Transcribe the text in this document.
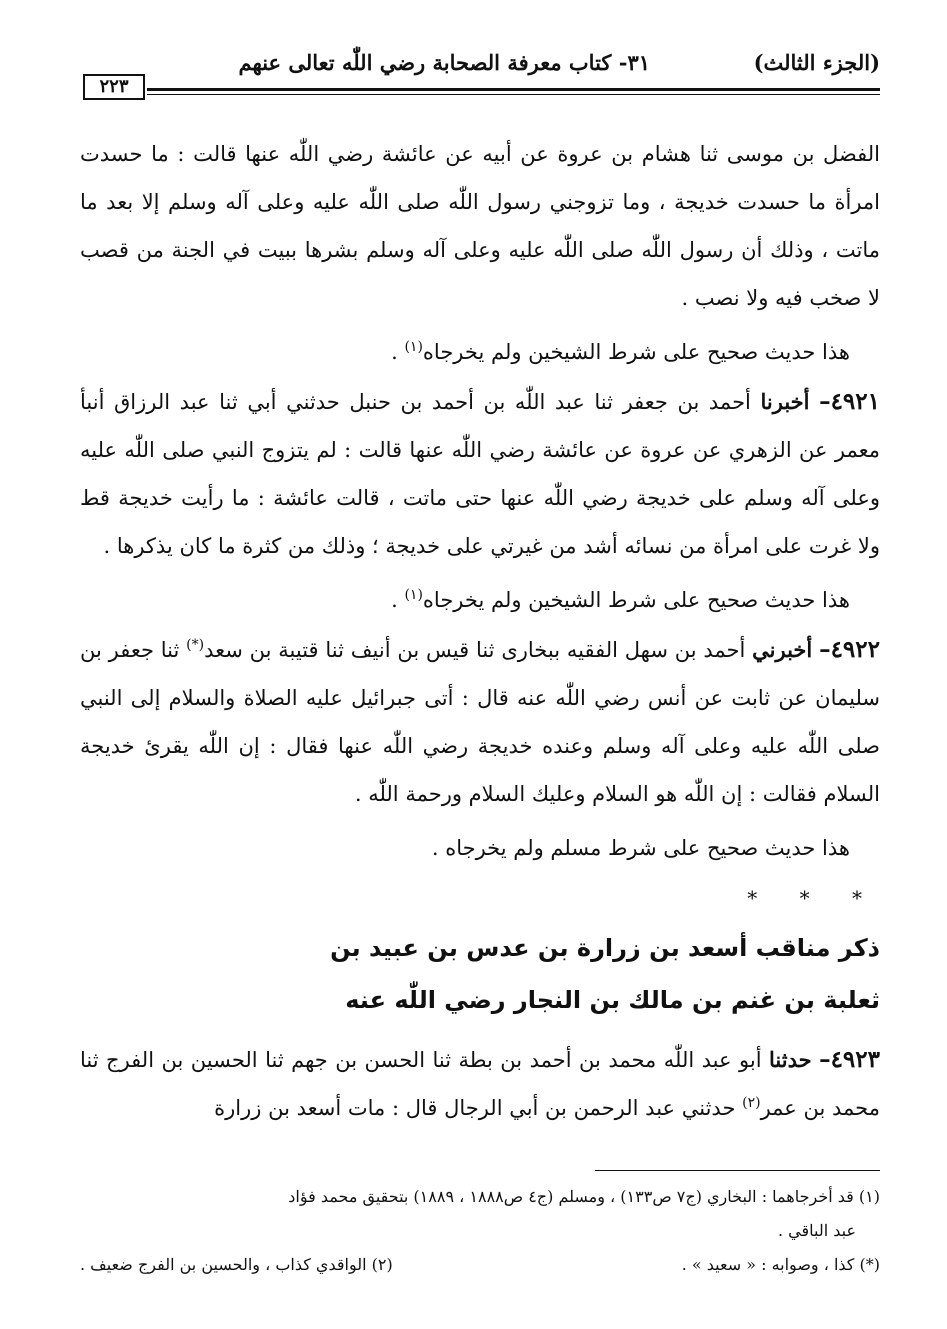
(الجزء الثالث)
٣١- كتاب معرفة الصحابة رضي اللّٰه تعالى عنهم
٢٢٣

الفضل بن موسى ثنا هشام بن عروة عن أبيه عن عائشة رضي اللّٰه عنها قالت : ما حسدت امرأة ما حسدت خديجة ، وما تزوجني رسول اللّٰه صلى اللّٰه عليه وعلى آله وسلم إلا بعد ما ماتت ، وذلك أن رسول اللّٰه صلى اللّٰه عليه وعلى آله وسلم بشرها ببيت في الجنة من قصب لا صخب فيه ولا نصب .

هذا حديث صحيح على شرط الشيخين ولم يخرجاه$^{(١)}$ .

٤٩٢١– أخبرنا أحمد بن جعفر ثنا عبد اللّٰه بن أحمد بن حنبل حدثني أبي ثنا عبد الرزاق أنبأ معمر عن الزهري عن عروة عن عائشة رضي اللّٰه عنها قالت : لم يتزوج النبي صلى اللّٰه عليه وعلى آله وسلم على خديجة رضي اللّٰه عنها حتى ماتت ، قالت عائشة : ما رأيت خديجة قط ولا غرت على امرأة من نسائه أشد من غيرتي على خديجة ؛ وذلك من كثرة ما كان يذكرها .

هذا حديث صحيح على شرط الشيخين ولم يخرجاه$^{(١)}$ .

٤٩٢٢– أخبرني أحمد بن سهل الفقيه ببخارى ثنا قيس بن أنيف ثنا قتيبة بن سعد(*) ثنا جعفر بن سليمان عن ثابت عن أنس رضي اللّٰه عنه قال : أتى جبرائيل عليه الصلاة والسلام إلى النبي صلى اللّٰه عليه وعلى آله وسلم وعنده خديجة رضي اللّٰه عنها فقال : إن اللّٰه يقرئ خديجة السلام فقالت : إن اللّٰه هو السلام وعليك السلام ورحمة اللّٰه .

هذا حديث صحيح على شرط مسلم ولم يخرجاه .

* * *
ذكر مناقب أسعد بن زرارة بن عدس بن عبيد بن
ثعلبة بن غنم بن مالك بن النجار رضي اللّٰه عنه

٤٩٢٣– حدثنا أبو عبد اللّٰه محمد بن أحمد بن بطة ثنا الحسن بن جهم ثنا الحسين بن الفرج ثنا محمد بن عمر$^{(٢)}$ حدثني عبد الرحمن بن أبي الرجال قال : مات أسعد بن زرارة

(١) قد أخرجاهما : البخاري (ج٧ ص١٣٣) ، ومسلم (ج٤ ص١٨٨٨ ، ١٨٨٩) بتحقيق محمد فؤاد

عبد الباقي .

(*) كذا ، وصوابه : « سعيد » .
(٢) الواقدي كذاب ، والحسين بن الفرج ضعيف .
